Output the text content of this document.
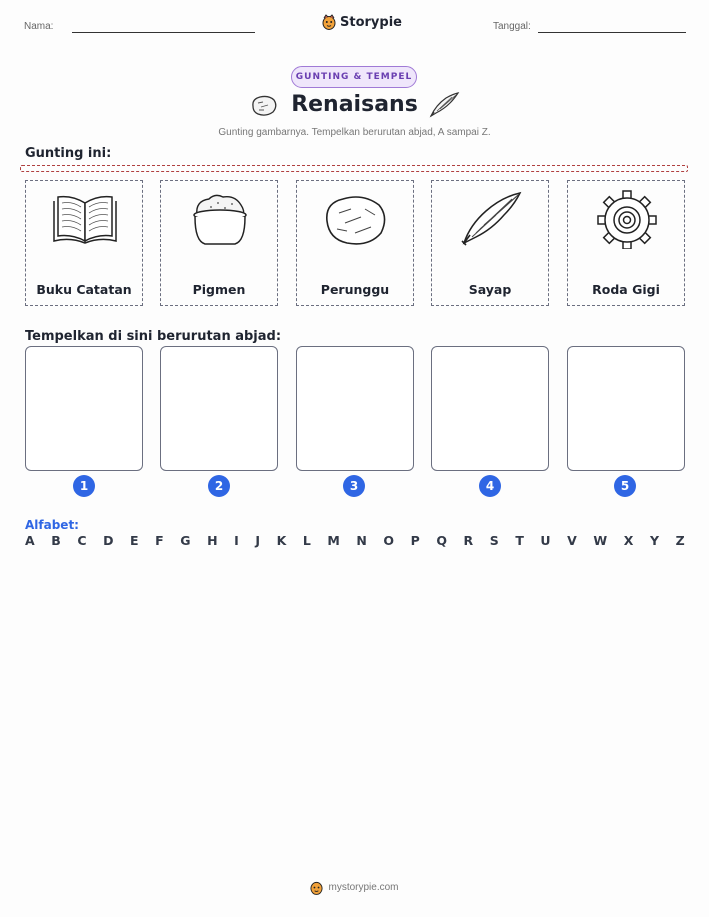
Nama:	Storypie	Tanggal:
GUNTING & TEMPEL
Renaisans
Gunting gambarnya. Tempelkan berurutan abjad, A sampai Z.
Gunting ini:
Buku Catatan	Pigmen	Perunggu	Sayap	Roda Gigi
Tempelkan di sini berurutan abjad:
1	2	3	4	5
Alfabet:
A B C D E F G H I J K L M N O P Q R S T U V W X Y Z
mystorypie.com
